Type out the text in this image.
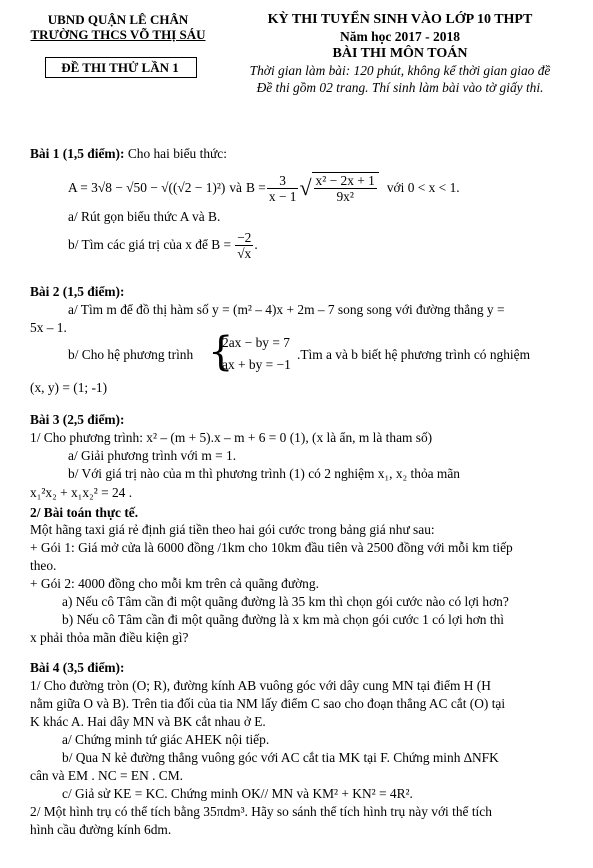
UBND QUẬN LÊ CHÂN
TRƯỜNG THCS VÕ THỊ SÁU
ĐỀ THI THỬ LẦN 1
KỲ THI TUYỂN SINH VÀO LỚP 10 THPT
Năm học 2017 - 2018
BÀI THI MÔN TOÁN
Thời gian làm bài: 120 phút, không kể thời gian giao đề
Đề thi gồm 02 trang. Thí sinh làm bài vào tờ giấy thi.
Bài 1 (1,5 điểm): Cho hai biểu thức:
A = 3√8 − √50 − √((√2 − 1)²) và $B = \frac{3}{x - 1}$ √ $\frac{\text{x² − 2x + 1}}{\text{9x²}}$ với 0 < x < 1.
a/ Rút gọn biểu thức A và B.
b/ Tìm các giá trị của x để $B = \frac{-2}{√x}$ .
Bài 2 (1,5 điểm):
a/ Tìm m để đồ thị hàm số y = (m² – 4)x + 2m – 7 song song với đường thẳng y =
5x – 1.
b/ Cho hệ phương trình {
2ax − by = 7
ax + by = −1
.Tìm a và b biết hệ phương trình có nghiệm
(x, y) = (1; -1)
Bài 3 (2,5 điểm):
1/ Cho phương trình: x² – (m + 5).x – m + 6 = 0 (1), (x là ẩn, m là tham số)
a/ Giải phương trình với m = 1.
b/ Với giá trị nào của m thì phương trình (1) có 2 nghiệm x₁, x₂ thỏa mãn
x₁²x₂ + x₁x₂² = 24 .
2/ Bài toán thực tế.
Một hãng taxi giá rẻ định giá tiền theo hai gói cước trong bảng giá như sau:
+ Gói 1: Giá mở cửa là 6000 đồng /1km cho 10km đầu tiên và 2500 đồng với mỗi km tiếp
theo.
+ Gói 2: 4000 đồng cho mỗi km trên cả quãng đường.
a) Nếu cô Tâm cần đi một quãng đường là 35 km thì chọn gói cước nào có lợi hơn?
b) Nếu cô Tâm cần đi một quãng đường là x km mà chọn gói cước 1 có lợi hơn thì
x phải thỏa mãn điều kiện gì?
Bài 4 (3,5 điểm):
1/ Cho đường tròn (O; R), đường kính AB vuông góc với dây cung MN tại điểm H (H
nằm giữa O và B). Trên tia đối của tia NM lấy điểm C sao cho đoạn thẳng AC cắt (O) tại
K khác A. Hai dây MN và BK cắt nhau ở E.
a/ Chứng minh tứ giác AHEK nội tiếp.
b/ Qua N kẻ đường thẳng vuông góc với AC cắt tia MK tại F. Chứng minh ∆NFK
cân và EM . NC = EN . CM.
c/ Giả sử KE = KC. Chứng minh OK// MN và KM² + KN² = 4R².
2/ Một hình trụ có thể tích bằng 35πdm³. Hãy so sánh thể tích hình trụ này với thể tích
hình cầu đường kính 6dm.
